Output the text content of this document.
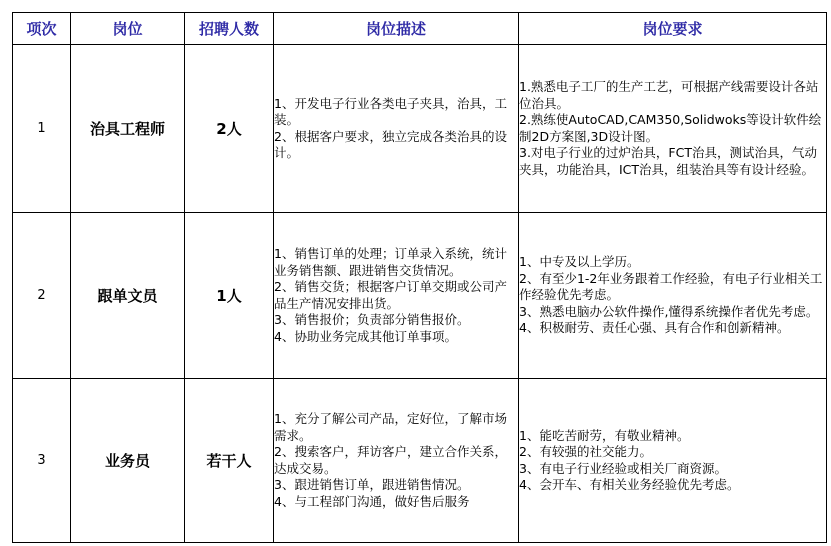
项次	岗位	招聘人数	岗位描述	岗位要求
1	治具工程师	2人	1、开发电子行业各类电子夹具，治具，工装。
2、根据客户要求，独立完成各类治具的设计。	1.熟悉电子工厂的生产工艺，可根据产线需要设计各站位治具。
2.熟练使AutoCAD,CAM350,Solidwoks等设计软件绘制2D方案图,3D设计图。
3.对电子行业的过炉治具，FCT治具，测试治具，气动夹具，功能治具，ICT治具，组装治具等有设计经验。

2	跟单文员	1人	1、销售订单的处理；订单录入系统，统计业务销售额、跟进销售交货情况。
2、销售交货；根据客户订单交期或公司产品生产情况安排出货。
3、销售报价；负责部分销售报价。
4、协助业务完成其他订单事项。	1、中专及以上学历。
2、有至少1-2年业务跟着工作经验，有电子行业相关工作经验优先考虑。
3、熟悉电脑办公软件操作,懂得系统操作者优先考虑。
4、积极耐劳、责任心强、具有合作和创新精神。

3	业务员	若干人	1、充分了解公司产品，定好位，了解市场需求。
2、搜索客户，拜访客户，建立合作关系，达成交易。
3、跟进销售订单，跟进销售情况。
4、与工程部门沟通，做好售后服务	1、能吃苦耐劳，有敬业精神。
2、有较强的社交能力。
3、有电子行业经验或相关厂商资源。
4、会开车、有相关业务经验优先考虑。
